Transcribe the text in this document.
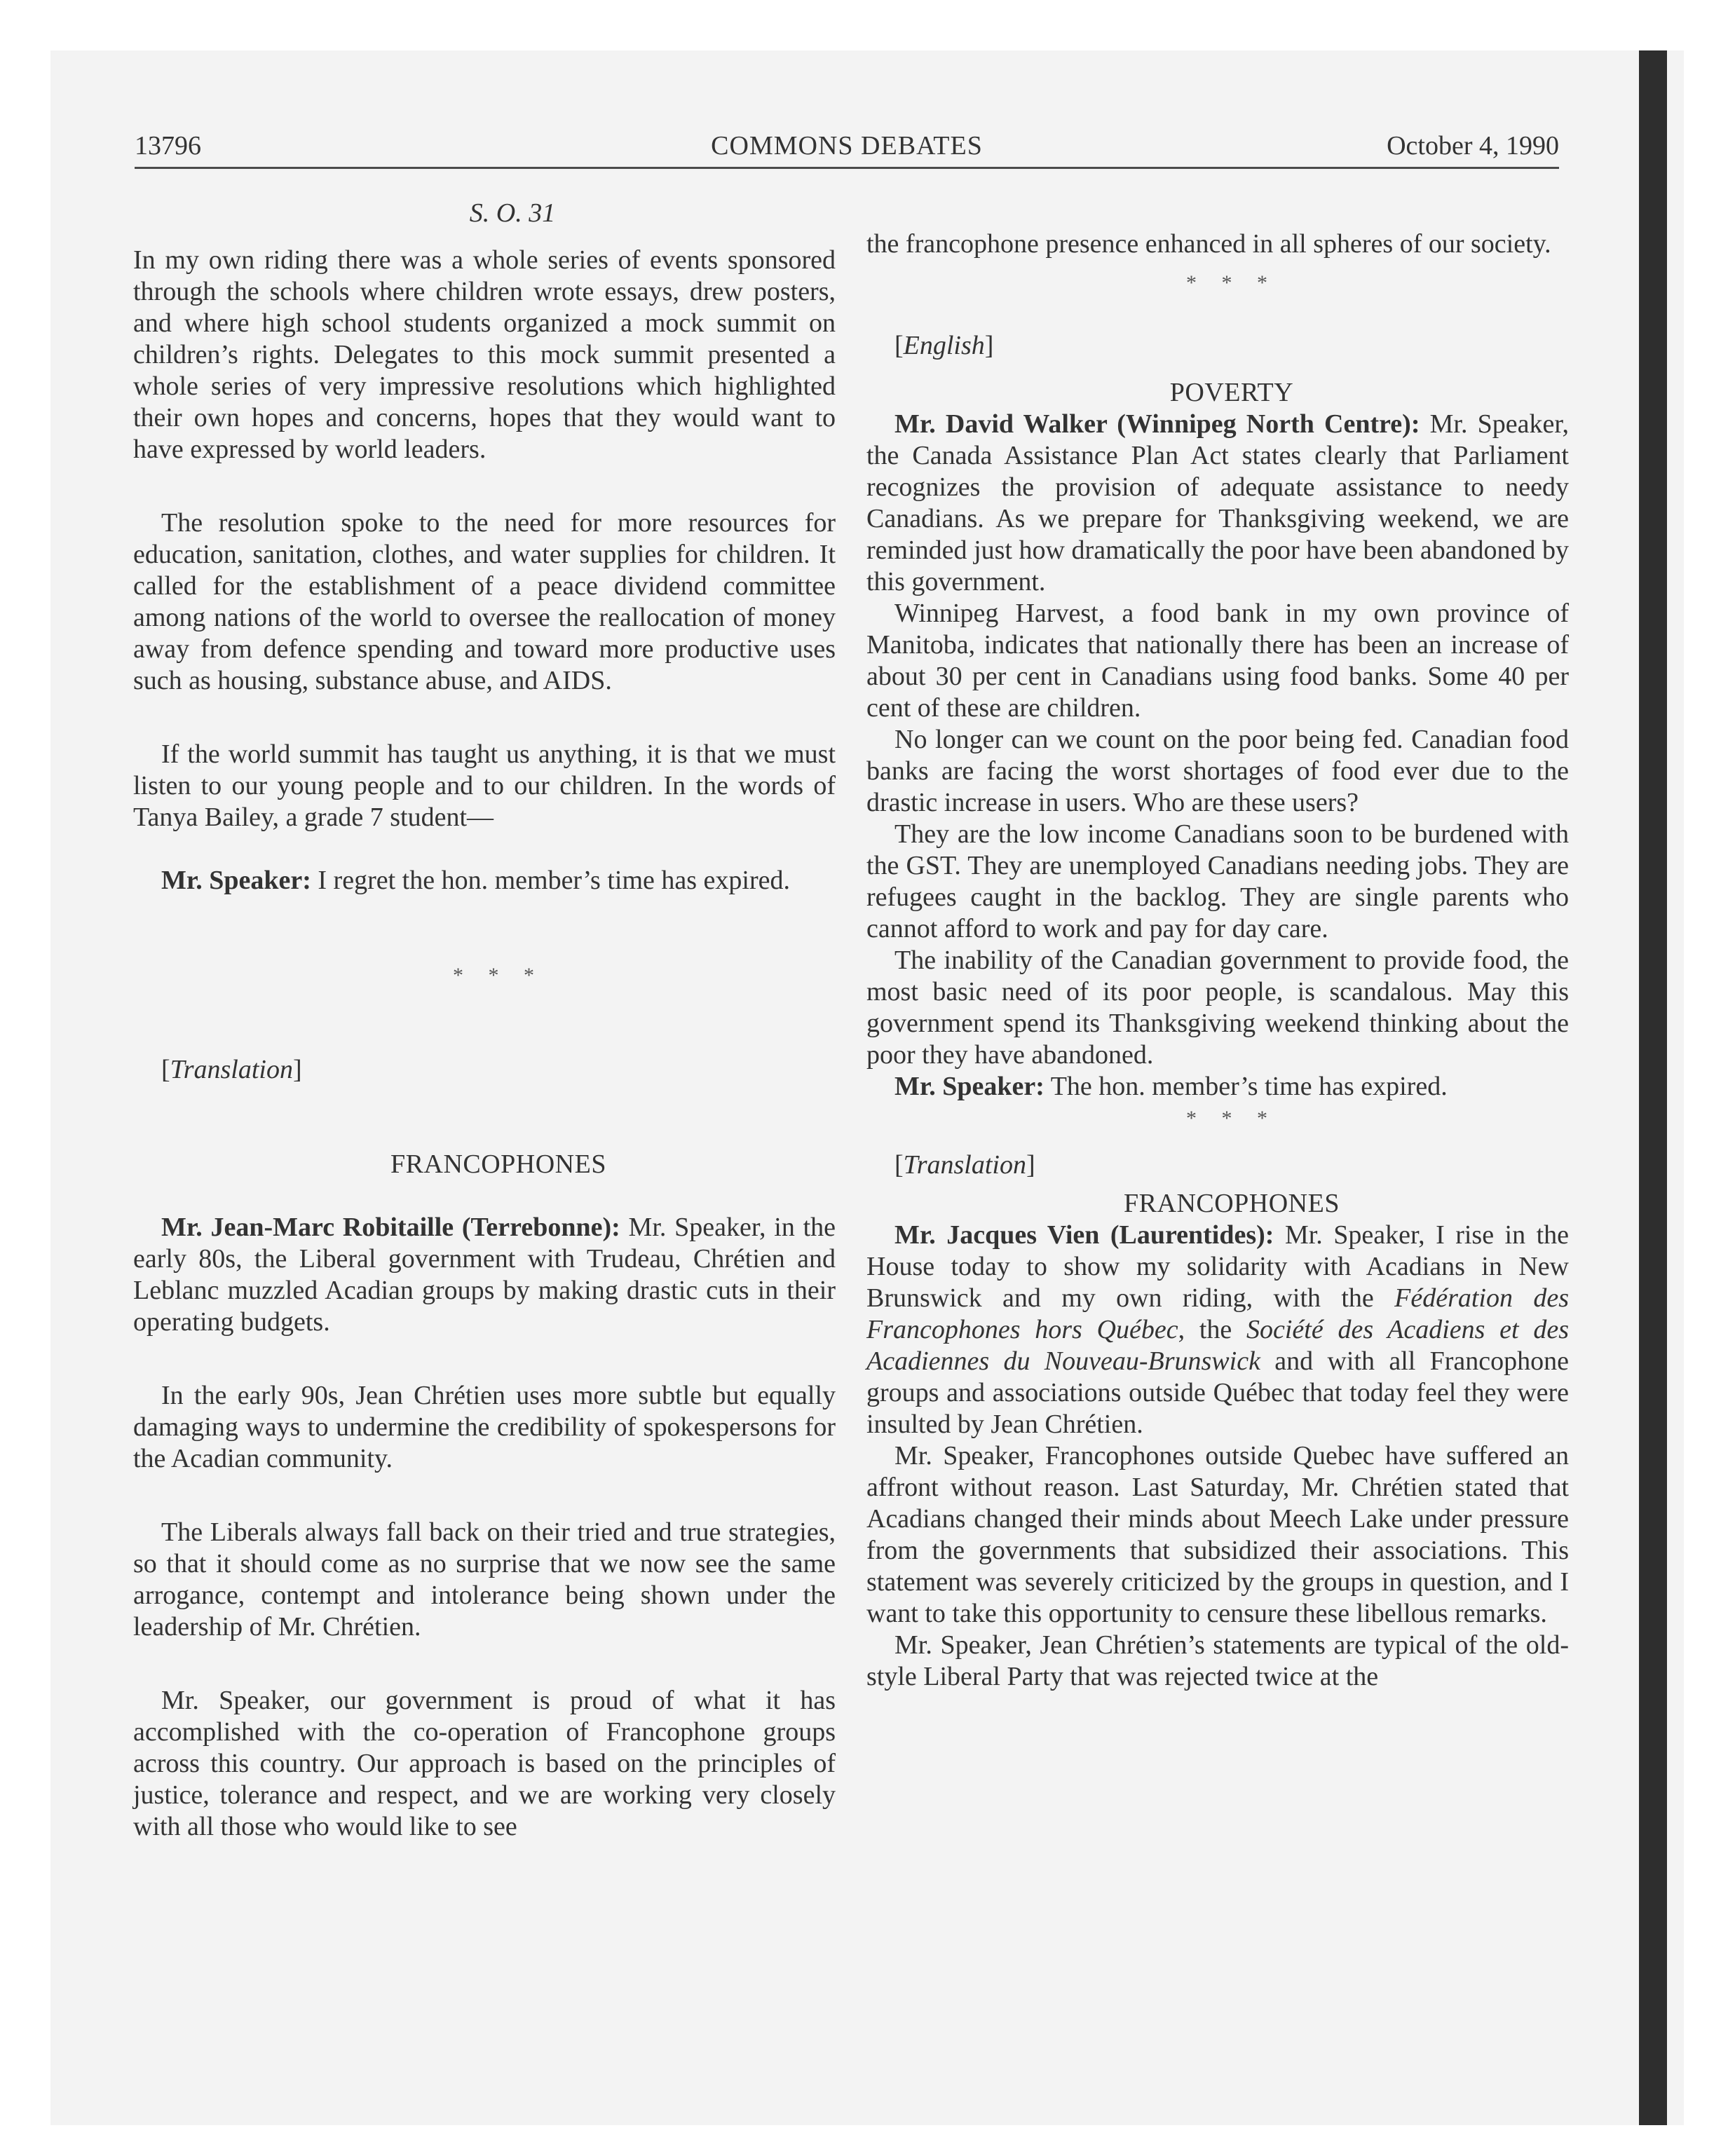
13796	COMMONS DEBATES	October 4, 1990

S. O. 31

In my own riding there was a whole series of events sponsored through the schools where children wrote essays, drew posters, and where high school students organized a mock summit on children’s rights. Delegates to this mock summit presented a whole series of very impressive resolutions which highlighted their own hopes and concerns, hopes that they would want to have expressed by world leaders.

The resolution spoke to the need for more resources for education, sanitation, clothes, and water supplies for children. It called for the establishment of a peace dividend committee among nations of the world to oversee the reallocation of money away from defence spending and toward more productive uses such as housing, substance abuse, and AIDS.

If the world summit has taught us anything, it is that we must listen to our young people and to our children. In the words of Tanya Bailey, a grade 7 student—

Mr. Speaker: I regret the hon. member’s time has expired.

* * *

[Translation]

FRANCOPHONES

Mr. Jean-Marc Robitaille (Terrebonne): Mr. Speaker, in the early 80s, the Liberal government with Trudeau, Chrétien and Leblanc muzzled Acadian groups by making drastic cuts in their operating budgets.

In the early 90s, Jean Chrétien uses more subtle but equally damaging ways to undermine the credibility of spokespersons for the Acadian community.

The Liberals always fall back on their tried and true strategies, so that it should come as no surprise that we now see the same arrogance, contempt and intolerance being shown under the leadership of Mr. Chrétien.

Mr. Speaker, our government is proud of what it has accomplished with the co-operation of Francophone groups across this country. Our approach is based on the principles of justice, tolerance and respect, and we are working very closely with all those who would like to see

the francophone presence enhanced in all spheres of our society.

* * *

[English]

POVERTY

Mr. David Walker (Winnipeg North Centre): Mr. Speaker, the Canada Assistance Plan Act states clearly that Parliament recognizes the provision of adequate assistance to needy Canadians. As we prepare for Thanksgiving weekend, we are reminded just how dramatically the poor have been abandoned by this government.

Winnipeg Harvest, a food bank in my own province of Manitoba, indicates that nationally there has been an increase of about 30 per cent in Canadians using food banks. Some 40 per cent of these are children.

No longer can we count on the poor being fed. Canadian food banks are facing the worst shortages of food ever due to the drastic increase in users. Who are these users?

They are the low income Canadians soon to be burdened with the GST. They are unemployed Canadians needing jobs. They are refugees caught in the backlog. They are single parents who cannot afford to work and pay for day care.

The inability of the Canadian government to provide food, the most basic need of its poor people, is scandalous. May this government spend its Thanksgiving weekend thinking about the poor they have abandoned.

Mr. Speaker: The hon. member’s time has expired.

* * *

[Translation]

FRANCOPHONES

Mr. Jacques Vien (Laurentides): Mr. Speaker, I rise in the House today to show my solidarity with Acadians in New Brunswick and my own riding, with the Fédération des Francophones hors Québec, the Société des Acadiens et des Acadiennes du Nouveau-Brunswick and with all Francophone groups and associations outside Québec that today feel they were insulted by Jean Chrétien.

Mr. Speaker, Francophones outside Quebec have suffered an affront without reason. Last Saturday, Mr. Chrétien stated that Acadians changed their minds about Meech Lake under pressure from the governments that subsidized their associations. This statement was severely criticized by the groups in question, and I want to take this opportunity to censure these libellous remarks.

Mr. Speaker, Jean Chrétien’s statements are typical of the old-style Liberal Party that was rejected twice at the
